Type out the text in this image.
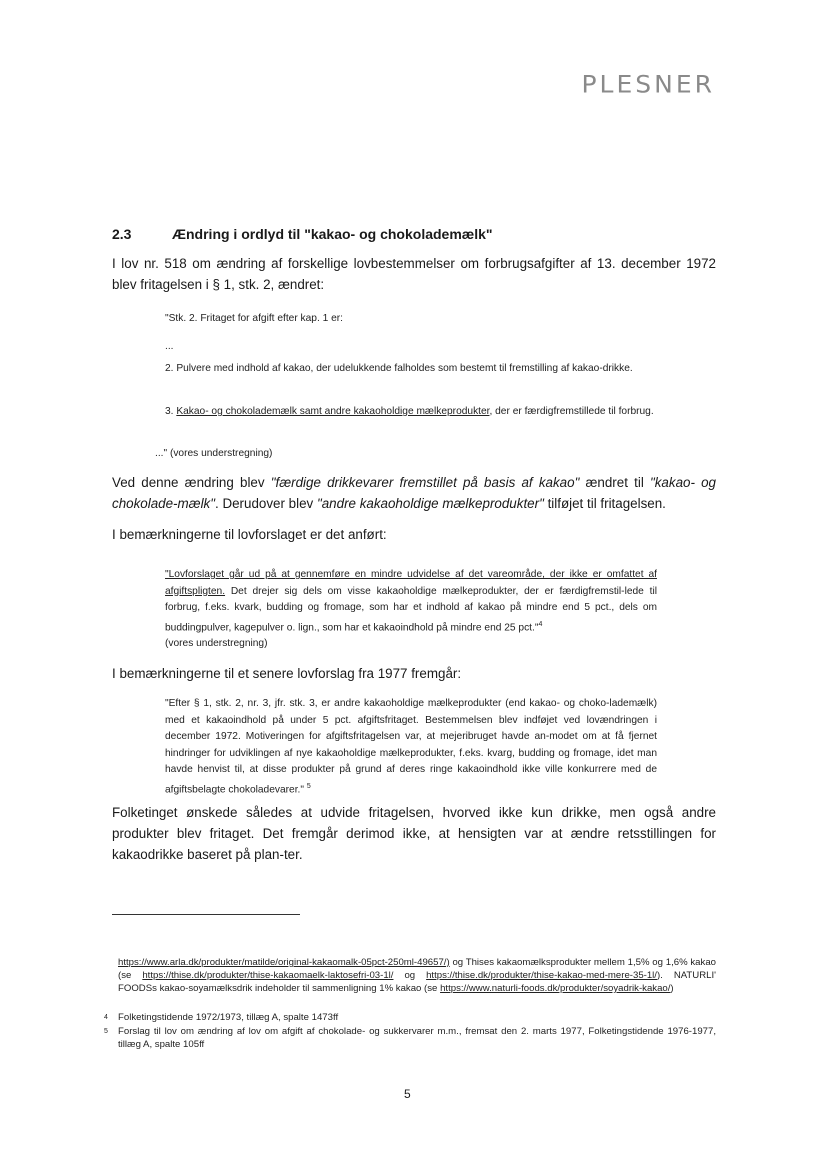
PLESNER
2.3	Ændring i ordlyd til "kakao- og chokolademælk"
I lov nr. 518 om ændring af forskellige lovbestemmelser om forbrugsafgifter af 13. december 1972 blev fritagelsen i § 1, stk. 2, ændret:
"Stk. 2. Fritaget for afgift efter kap. 1 er:
...
2. Pulvere med indhold af kakao, der udelukkende falholdes som bestemt til fremstilling af kakao-drikke.
3. Kakao- og chokolademælk samt andre kakaoholdige mælkeprodukter, der er færdigfremstillede til forbrug.
..." (vores understregning)
Ved denne ændring blev "færdige drikkevarer fremstillet på basis af kakao" ændret til "kakao- og chokolade-mælk". Derudover blev "andre kakaoholdige mælkeprodukter" tilføjet til fritagelsen.
I bemærkningerne til lovforslaget er det anført:
"Lovforslaget går ud på at gennemføre en mindre udvidelse af det vareområde, der ikke er omfattet af afgiftspligten. Det drejer sig dels om visse kakaoholdige mælkeprodukter, der er færdigfremstil-lede til forbrug, f.eks. kvark, budding og fromage, som har et indhold af kakao på mindre end 5 pct., dels om buddingpulver, kagepulver o. lign., som har et kakaoindhold på mindre end 25 pct."$^4$
(vores understregning)
I bemærkningerne til et senere lovforslag fra 1977 fremgår:
"Efter § 1, stk. 2, nr. 3, jfr. stk. 3, er andre kakaoholdige mælkeprodukter (end kakao- og choko-lademælk) med et kakaoindhold på under 5 pct. afgiftsfritaget. Bestemmelsen blev indføjet ved lovændringen i december 1972. Motiveringen for afgiftsfritagelsen var, at mejeribruget havde an-modet om at få fjernet hindringer for udviklingen af nye kakaoholdige mælkeprodukter, f.eks. kvarg, budding og fromage, idet man havde henvist til, at disse produkter på grund af deres ringe kakaoindhold ikke ville konkurrere med de afgiftsbelagte chokoladevarer." $^5$
Folketinget ønskede således at udvide fritagelsen, hvorved ikke kun drikke, men også andre produkter blev fritaget. Det fremgår derimod ikke, at hensigten var at ændre retsstillingen for kakaodrikke baseret på plan-ter.
https://www.arla.dk/produkter/matilde/original-kakaomalk-05pct-250ml-49657/) og Thises kakaomælksprodukter mellem 1,5% og 1,6% kakao (se https://thise.dk/produkter/thise-kakaomaelk-laktosefri-03-1l/ og https://thise.dk/produkter/thise-kakao-med-mere-35-1l/). NATURLI' FOODSs kakao-soyamælksdrik indeholder til sammenligning 1% kakao (se https://www.naturli-foods.dk/produkter/soyadrik-kakao/)
4 Folketingstidende 1972/1973, tillæg A, spalte 1473ff
5 Forslag til lov om ændring af lov om afgift af chokolade- og sukkervarer m.m., fremsat den 2. marts 1977, Folketingstidende 1976-1977, tillæg A, spalte 105ff
5
